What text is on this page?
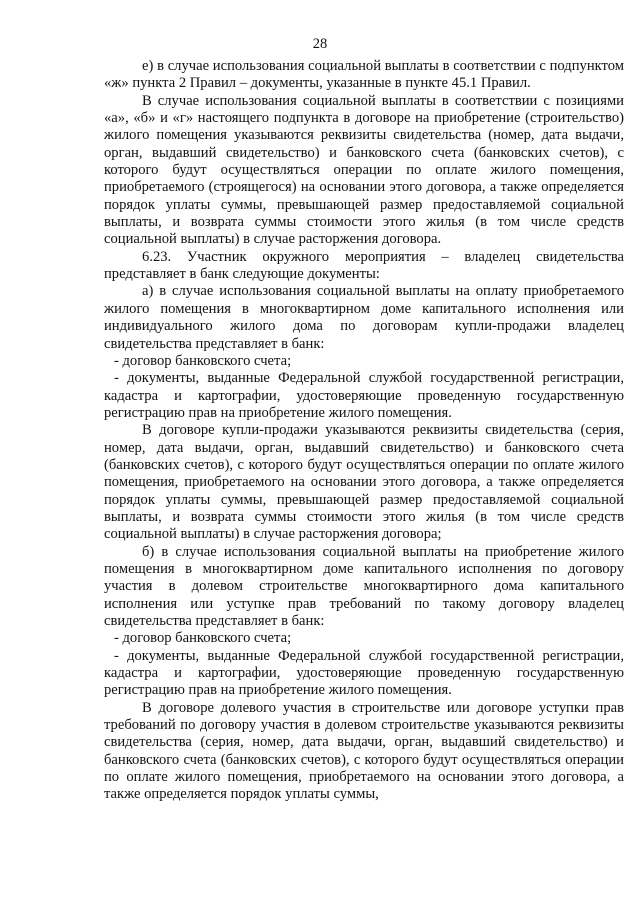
28

е) в случае использования социальной выплаты в соответствии с подпунктом «ж» пункта 2 Правил – документы, указанные в пункте 45.1 Правил.

В случае использования социальной выплаты в соответствии с позициями «а», «б» и «г» настоящего подпункта в договоре на приобретение (строительство) жилого помещения указываются реквизиты свидетельства (номер, дата выдачи, орган, выдавший свидетельство) и банковского счета (банковских счетов), с которого будут осуществляться операции по оплате жилого помещения, приобретаемого (строящегося) на основании этого договора, а также определяется порядок уплаты суммы, превышающей размер предоставляемой социальной выплаты, и возврата суммы стоимости этого жилья (в том числе средств социальной выплаты) в случае расторжения договора.

6.23. Участник окружного мероприятия – владелец свидетельства представляет в банк следующие документы:

а) в случае использования социальной выплаты на оплату приобретаемого жилого помещения в многоквартирном доме капитального исполнения или индивидуального жилого дома по договорам купли-продажи владелец свидетельства представляет в банк:

- договор банковского счета;

- документы, выданные Федеральной службой государственной регистрации, кадастра и картографии, удостоверяющие проведенную государственную регистрацию прав на приобретение жилого помещения.

В договоре купли-продажи указываются реквизиты свидетельства (серия, номер, дата выдачи, орган, выдавший свидетельство) и банковского счета (банковских счетов), с которого будут осуществляться операции по оплате жилого помещения, приобретаемого на основании этого договора, а также определяется порядок уплаты суммы, превышающей размер предоставляемой социальной выплаты, и возврата суммы стоимости этого жилья (в том числе средств социальной выплаты) в случае расторжения договора;

б) в случае использования социальной выплаты на приобретение жилого помещения в многоквартирном доме капитального исполнения по договору участия в долевом строительстве многоквартирного дома капитального исполнения или уступке прав требований по такому договору владелец свидетельства представляет в банк:

- договор банковского счета;

- документы, выданные Федеральной службой государственной регистрации, кадастра и картографии, удостоверяющие проведенную государственную регистрацию прав на приобретение жилого помещения.

В договоре долевого участия в строительстве или договоре уступки прав требований по договору участия в долевом строительстве указываются реквизиты свидетельства (серия, номер, дата выдачи, орган, выдавший свидетельство) и банковского счета (банковских счетов), с которого будут осуществляться операции по оплате жилого помещения, приобретаемого на основании этого договора, а также определяется порядок уплаты суммы,
